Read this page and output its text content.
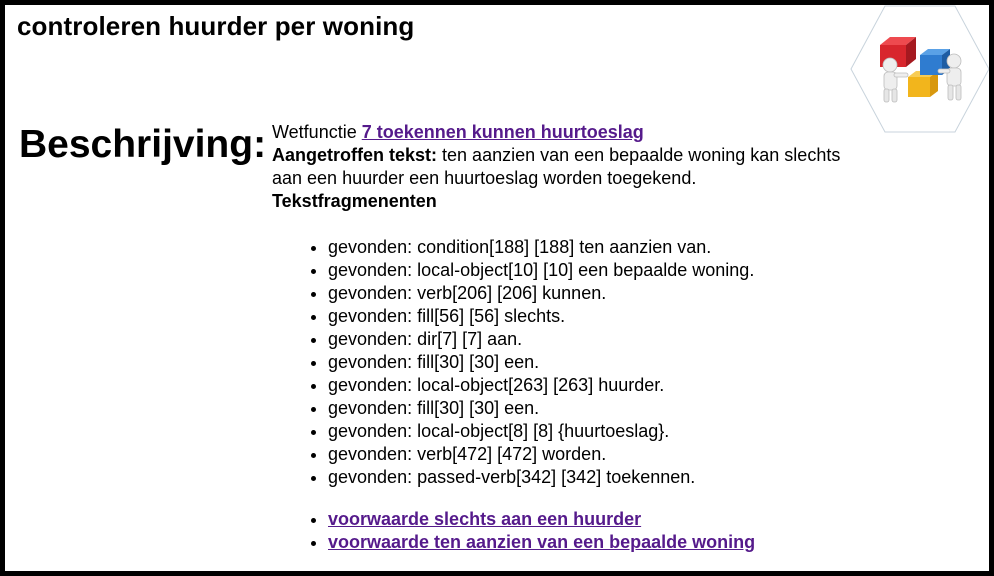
controleren huurder per woning
Beschrijving: Wetfunctie 7 toekennen kunnen huurtoeslag

Aangetroffen tekst: ten aanzien van een bepaalde woning kan slechts aan een huurder een huurtoeslag worden toegekend.

Tekstfragmenenten

• gevonden: condition[188] [188] ten aanzien van.
• gevonden: local-object[10] [10] een bepaalde woning.
• gevonden: verb[206] [206] kunnen.
• gevonden: fill[56] [56] slechts.
• gevonden: dir[7] [7] aan.
• gevonden: fill[30] [30] een.
• gevonden: local-object[263] [263] huurder.
• gevonden: fill[30] [30] een.
• gevonden: local-object[8] [8] {huurtoeslag}.
• gevonden: verb[472] [472] worden.
• gevonden: passed-verb[342] [342] toekennen.
• voorwaarde slechts aan een huurder
• voorwaarde ten aanzien van een bepaalde woning
